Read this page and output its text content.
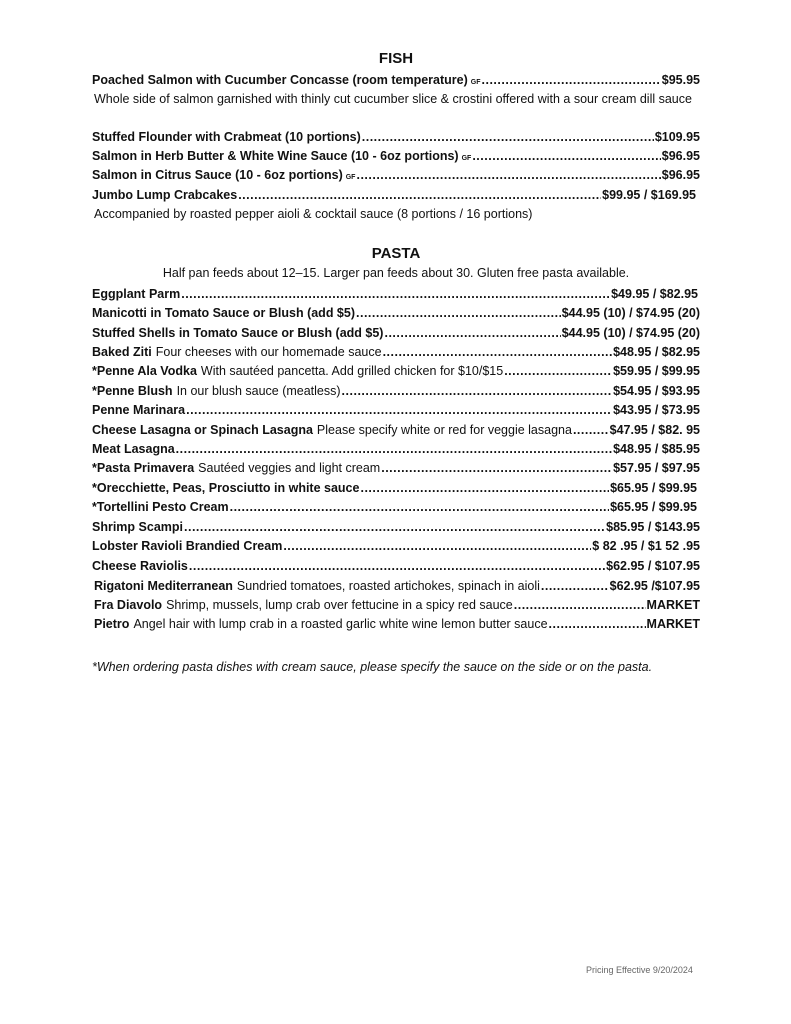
FISH
Poached Salmon with Cucumber Concasse (room temperature) GF .....	$95.95
Whole side of salmon garnished with thinly cut cucumber slice & crostini offered with a sour cream dill sauce
Stuffed Flounder with Crabmeat (10 portions) .....	$109.95
Salmon in Herb Butter & White Wine Sauce (10 - 6oz portions) GF .....	$96.95
Salmon in Citrus Sauce (10 - 6oz portions) GF .....	$96.95
Jumbo Lump Crabcakes .....	$99.95 / $169.95
Accompanied by roasted pepper aioli & cocktail sauce (8 portions / 16 portions)
PASTA
Half pan feeds about 12–15. Larger pan feeds about 30. Gluten free pasta available.
Eggplant Parm .....	$49.95 / $82.95
Manicotti in Tomato Sauce or Blush (add $5) .....	$44.95 (10) / $74.95 (20)
Stuffed Shells in Tomato Sauce or Blush (add $5) .....	$44.95 (10) / $74.95 (20)
Baked Ziti Four cheeses with our homemade sauce .....	$48.95 / $82.95
*Penne Ala Vodka With sautéed pancetta. Add grilled chicken for $10/$15 .....	$59.95 / $99.95
*Penne Blush In our blush sauce (meatless) .....	$54.95 / $93.95
Penne Marinara .....	$43.95 / $73.95
Cheese Lasagna or Spinach Lasagna Please specify white or red for veggie lasagna .....	$47.95 / $82. 95
Meat Lasagna .....	$48.95 / $85.95
*Pasta Primavera Sautéed veggies and light cream .....	$57.95 / $97.95
*Orecchiette, Peas, Prosciutto in white sauce .....	$65.95 / $99.95
*Tortellini Pesto Cream .....	$65.95 / $99.95
Shrimp Scampi .....	$85.95 / $143.95
Lobster Ravioli Brandied Cream .....	$ 82 .95 / $1 52 .95
Cheese Raviolis .....	$62.95 / $107.95
Rigatoni Mediterranean Sundried tomatoes, roasted artichokes, spinach in aioli .....	$62.95 /$107.95
Fra Diavolo Shrimp, mussels, lump crab over fettucine in a spicy red sauce .....	MARKET
Pietro Angel hair with lump crab in a roasted garlic white wine lemon butter sauce .....	MARKET
*When ordering pasta dishes with cream sauce, please specify the sauce on the side or on the pasta.
Pricing Effective 9/20/2024
